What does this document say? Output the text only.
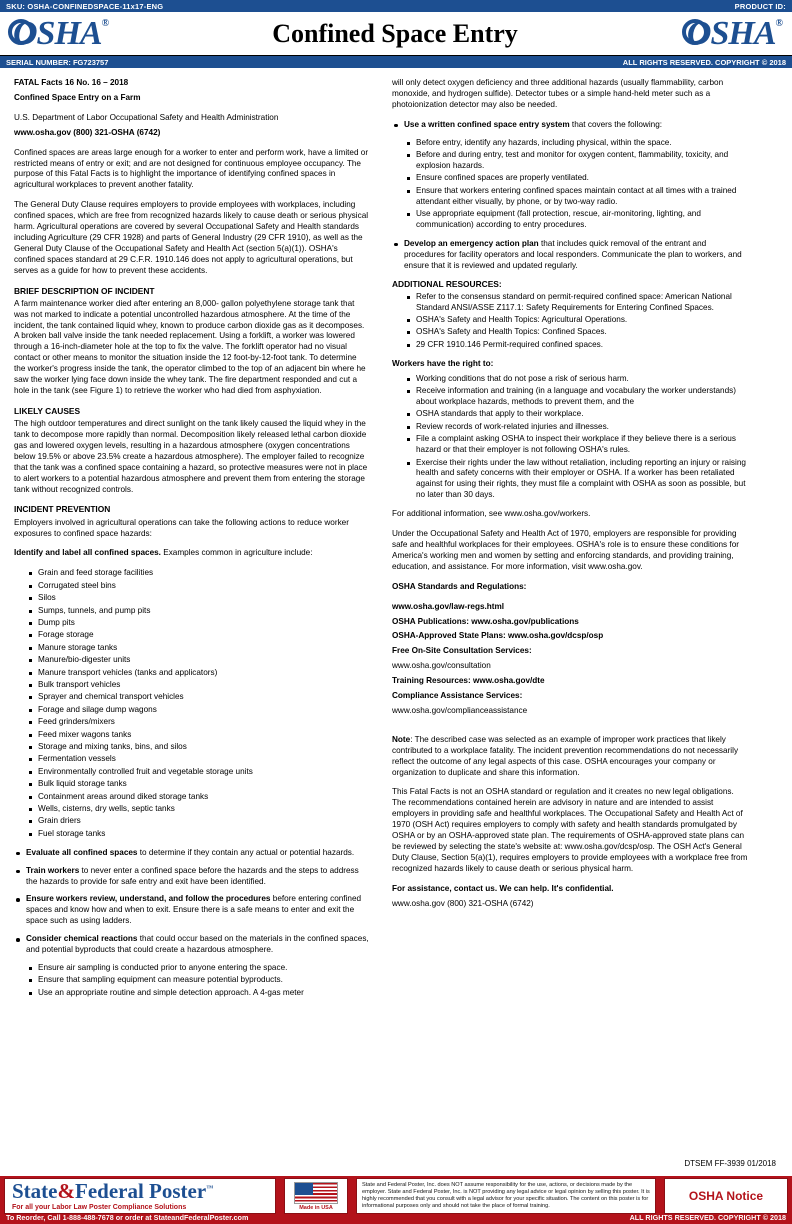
SKU: OSHA-CONFINEDSPACE-11x17-ENG	PRODUCT ID:
OSHA ®	Confined Space Entry	OSHA ®
SERIAL NUMBER: FG723757	ALL RIGHTS RESERVED. COPYRIGHT © 2018

FATAL Facts 16 No. 16 – 2018

Confined Space Entry on a Farm

U.S. Department of Labor Occupational Safety and Health Administration

www.osha.gov (800) 321-OSHA (6742)

Confined spaces are areas large enough for a worker to enter and perform work, have a limited or restricted means of entry or exit; and are not designed for continuous employee occupancy. The purpose of this Fatal Facts is to highlight the importance of identifying confined spaces in agricultural workplaces to prevent another fatality.

The General Duty Clause requires employers to provide employees with workplaces, including confined spaces, which are free from recognized hazards likely to cause death or serious physical harm. Agricultural operations are covered by several Occupational Safety and Health standards including Agriculture (29 CFR 1928) and parts of General Industry (29 CFR 1910), as well as the General Duty Clause of the Occupational Safety and Health Act (section 5(a)(1)). OSHA's confined spaces standard at 29 C.F.R. 1910.146 does not apply to agricultural operations, but serves as a guide for how to prevent these accidents.

BRIEF DESCRIPTION OF INCIDENT

A farm maintenance worker died after entering an 8,000- gallon polyethylene storage tank that was not marked to indicate a potential uncontrolled hazardous atmosphere. At the time of the incident, the tank contained liquid whey, known to produce carbon dioxide gas as it decomposes. A broken ball valve inside the tank needed replacement. Using a forklift, a worker was lowered through a 16-inch-diameter hole at the top to fix the valve. The forklift operator had no visual contact or other means to monitor the situation inside the 12 foot-by-12-foot tank. To determine the worker's progress inside the tank, the operator climbed to the top of an adjacent bin where he saw the worker lying face down inside the whey tank. The fire department responded and cut a hole in the tank (see Figure 1) to retrieve the worker who had died from asphyxiation.

LIKELY CAUSES

The high outdoor temperatures and direct sunlight on the tank likely caused the liquid whey in the tank to decompose more rapidly than normal. Decomposition likely released lethal carbon dioxide gas and lowered oxygen levels, resulting in a hazardous atmosphere (oxygen concentrations below 19.5% or above 23.5% create a hazardous atmosphere). The employer failed to recognize that the tank was a confined space containing a hazard, so protective measures were not in place to alert workers to a potential hazardous atmosphere and prevent them from entering the storage tank without recognized controls.

INCIDENT PREVENTION

Employers involved in agricultural operations can take the following actions to reduce worker exposures to confined space hazards:

Identify and label all confined spaces. Examples common in agriculture include:

Grain and feed storage facilities
Corrugated steel bins
Silos
Sumps, tunnels, and pump pits
Dump pits
Forage storage
Manure storage tanks
Manure/bio-digester units
Manure transport vehicles (tanks and applicators)
Bulk transport vehicles
Sprayer and chemical transport vehicles
Forage and silage dump wagons
Feed grinders/mixers
Feed mixer wagons tanks
Storage and mixing tanks, bins, and silos
Fermentation vessels
Environmentally controlled fruit and vegetable storage units
Bulk liquid storage tanks
Containment areas around diked storage tanks
Wells, cisterns, dry wells, septic tanks
Grain driers
Fuel storage tanks
Evaluate all confined spaces to determine if they contain any actual or potential hazards.
Train workers to never enter a confined space before the hazards and the steps to address the hazards to provide for safe entry and exit have been identified.
Ensure workers review, understand, and follow the procedures before entering confined spaces and know how and when to exit. Ensure there is a safe means to enter and exit the space such as using ladders.
Consider chemical reactions that could occur based on the materials in the confined spaces, and potential byproducts that could create a hazardous atmosphere.
Ensure air sampling is conducted prior to anyone entering the space.
Ensure that sampling equipment can measure potential byproducts.
Use an appropriate routine and simple detection approach. A 4-gas meter

will only detect oxygen deficiency and three additional hazards (usually flammability, carbon monoxide, and hydrogen sulfide). Detector tubes or a simple hand-held meter such as a photoionization detector may also be needed.

Use a written confined space entry system that covers the following:
Before entry, identify any hazards, including physical, within the space.
Before and during entry, test and monitor for oxygen content, flammability, toxicity, and explosion hazards.
Ensure confined spaces are properly ventilated.
Ensure that workers entering confined spaces maintain contact at all times with a trained attendant either visually, by phone, or by two-way radio.
Use appropriate equipment (fall protection, rescue, air-monitoring, lighting, and communication) according to entry procedures.
Develop an emergency action plan that includes quick removal of the entrant and procedures for facility operators and local responders. Communicate the plan to workers, and ensure that it is reviewed and updated regularly.
ADDITIONAL RESOURCES:
Refer to the consensus standard on permit-required confined space: American National Standard ANSI/ASSE Z117.1: Safety Requirements for Entering Confined Spaces.
OSHA's Safety and Health Topics: Agricultural Operations.
OSHA's Safety and Health Topics: Confined Spaces.
29 CFR 1910.146 Permit-required confined spaces.

Workers have the right to:

Working conditions that do not pose a risk of serious harm.
Receive information and training (in a language and vocabulary the worker understands) about workplace hazards, methods to prevent them, and the
OSHA standards that apply to their workplace.
Review records of work-related injuries and illnesses.
File a complaint asking OSHA to inspect their workplace if they believe there is a serious hazard or that their employer is not following OSHA's rules.
Exercise their rights under the law without retaliation, including reporting an injury or raising health and safety concerns with their employer or OSHA. If a worker has been retaliated against for using their rights, they must file a complaint with OSHA as soon as possible, but no later than 30 days.

For additional information, see www.osha.gov/workers.

Under the Occupational Safety and Health Act of 1970, employers are responsible for providing safe and healthful workplaces for their employees. OSHA's role is to ensure these conditions for America's working men and women by setting and enforcing standards, and providing training, education, and assistance. For more information, visit www.osha.gov.

OSHA Standards and Regulations:

www.osha.gov/law-regs.html

OSHA Publications: www.osha.gov/publications

OSHA-Approved State Plans: www.osha.gov/dcsp/osp

Free On-Site Consultation Services:

www.osha.gov/consultation

Training Resources: www.osha.gov/dte

Compliance Assistance Services:

www.osha.gov/complianceassistance

Note: The described case was selected as an example of improper work practices that likely contributed to a workplace fatality. The incident prevention recommendations do not necessarily reflect the outcome of any legal aspects of this case. OSHA encourages your company or organization to duplicate and share this information.

This Fatal Facts is not an OSHA standard or regulation and it creates no new legal obligations. The recommendations contained herein are advisory in nature and are intended to assist employers in providing safe and healthful workplaces. The Occupational Safety and Health Act of 1970 (OSH Act) requires employers to comply with safety and health standards promulgated by OSHA or by an OSHA-approved state plan. The requirements of OSHA-approved state plans can be reviewed by selecting the state's website at: www.osha.gov/dcsp/osp. The OSH Act's General Duty Clause, Section 5(a)(1), requires employers to provide employees with a workplace free from recognized hazards likely to cause death or serious physical harm.

For assistance, contact us. We can help. It's confidential.

www.osha.gov (800) 321-OSHA (6742)

DTSEM FF-3939 01/2018
State&Federal Poster™
For all your Labor Law Poster Compliance Solutions	Made in USA
State and Federal Poster, Inc. does NOT assume responsibility for the use, actions, or decisions made by the employer. State and Federal Poster, Inc. is NOT providing any legal advice or legal opinion by selling this poster. It is highly recommended that you consult with a legal advisor for your specific situation. The content on this poster is for informational purposes only and should not take the place of formal training.
OSHA Notice
To Reorder, Call 1-888-488-7678 or order at StateandFederalPoster.com	ALL RIGHTS RESERVED. COPYRIGHT © 2018
